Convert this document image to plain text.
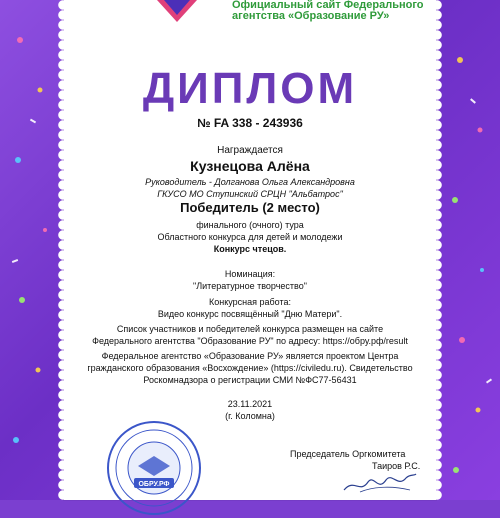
Официальный сайт Федерального
агентства «Образование РУ»
ДИПЛОМ
№ FA 338 - 243936
Награждается
Кузнецова Алёна
Руководитель - Долганова Ольга Александровна
ГКУСО МО Ступинский СРЦН "Альбатрос"
Победитель (2 место)
финального (очного) тура
Областного конкурса для детей и молодежи
Конкурс чтецов.
Номинация:
"Литературное творчество"
Конкурсная работа:
Видео конкурс посвящённый "Дню Матери".
Список участников и победителей конкурса размещен на сайте
Федерального агентства "Образование РУ" по адресу: https://обру.рф/result
Федеральное агентство «Образование РУ» является проектом Центра
гражданского образования «Восхождение» (https://civiledu.ru). Свидетельство
Роскомнадзора о регистрации СМИ №ФС77-56431
23.11.2021
(г. Коломна)
Председатель Оргкомитета
Таиров Р.С.
ОБРУ.РФ
